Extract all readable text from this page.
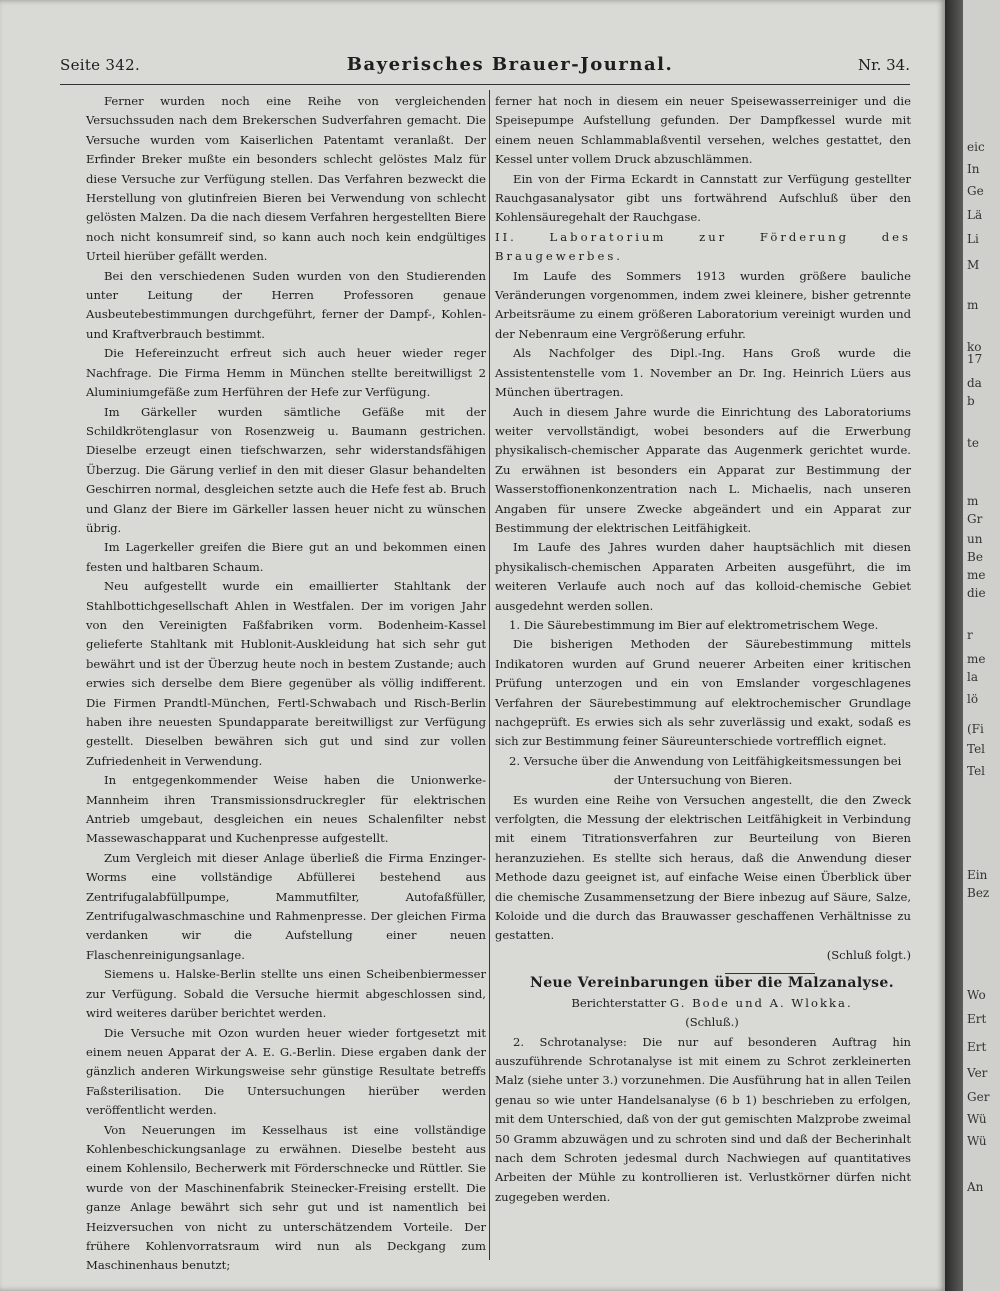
Seite 342.	Bayerisches Brauer-Journal.	Nr. 34.

Ferner wurden noch eine Reihe von vergleichenden Versuchssuden nach dem Brekerschen Sudverfahren gemacht. Die Versuche wurden vom Kaiserlichen Patentamt veranlaßt. Der Erfinder Breker mußte ein besonders schlecht gelöstes Malz für diese Versuche zur Verfügung stellen. Das Verfahren bezweckt die Herstellung von glutinfreien Bieren bei Verwendung von schlecht gelösten Malzen. Da die nach diesem Verfahren hergestellten Biere noch nicht konsumreif sind, so kann auch noch kein endgültiges Urteil hierüber gefällt werden.

Bei den verschiedenen Suden wurden von den Studierenden unter Leitung der Herren Professoren genaue Ausbeutebestimmungen durchgeführt, ferner der Dampf-, Kohlen- und Kraftverbrauch bestimmt.

Die Hefereinzucht erfreut sich auch heuer wieder reger Nachfrage. Die Firma Hemm in München stellte bereitwilligst 2 Aluminiumgefäße zum Herführen der Hefe zur Verfügung.

Im Gärkeller wurden sämtliche Gefäße mit der Schildkrötenglasur von Rosenzweig u. Baumann gestrichen. Dieselbe erzeugt einen tiefschwarzen, sehr widerstandsfähigen Überzug. Die Gärung verlief in den mit dieser Glasur behandelten Geschirren normal, desgleichen setzte auch die Hefe fest ab. Bruch und Glanz der Biere im Gärkeller lassen heuer nicht zu wünschen übrig.

Im Lagerkeller greifen die Biere gut an und bekommen einen festen und haltbaren Schaum.

Neu aufgestellt wurde ein emaillierter Stahltank der Stahlbottichgesellschaft Ahlen in Westfalen. Der im vorigen Jahr von den Vereinigten Faßfabriken vorm. Bodenheim-Kassel gelieferte Stahltank mit Hublonit-Auskleidung hat sich sehr gut bewährt und ist der Überzug heute noch in bestem Zustande; auch erwies sich derselbe dem Biere gegenüber als völlig indifferent. Die Firmen Prandtl-München, Fertl-Schwabach und Risch-Berlin haben ihre neuesten Spundapparate bereitwilligst zur Verfügung gestellt. Dieselben bewähren sich gut und sind zur vollen Zufriedenheit in Verwendung.

In entgegenkommender Weise haben die Unionwerke-Mannheim ihren Transmissionsdruckregler für elektrischen Antrieb umgebaut, desgleichen ein neues Schalenfilter nebst Massewaschapparat und Kuchenpresse aufgestellt.

Zum Vergleich mit dieser Anlage überließ die Firma Enzinger-Worms eine vollständige Abfüllerei bestehend aus Zentrifugalabfüllpumpe, Mammutfilter, Autofaßfüller, Zentrifugalwaschmaschine und Rahmenpresse. Der gleichen Firma verdanken wir die Aufstellung einer neuen Flaschenreinigungsanlage.

Siemens u. Halske-Berlin stellte uns einen Scheibenbiermesser zur Verfügung. Sobald die Versuche hiermit abgeschlossen sind, wird weiteres darüber berichtet werden.

Die Versuche mit Ozon wurden heuer wieder fortgesetzt mit einem neuen Apparat der A. E. G.-Berlin. Diese ergaben dank der gänzlich anderen Wirkungsweise sehr günstige Resultate betreffs Faßsterilisation. Die Untersuchungen hierüber werden veröffentlicht werden.

Von Neuerungen im Kesselhaus ist eine vollständige Kohlenbeschickungsanlage zu erwähnen. Dieselbe besteht aus einem Kohlensilo, Becherwerk mit Förderschnecke und Rüttler. Sie wurde von der Maschinenfabrik Steinecker-Freising erstellt. Die ganze Anlage bewährt sich sehr gut und ist namentlich bei Heizversuchen von nicht zu unterschätzendem Vorteile. Der frühere Kohlenvorratsraum wird nun als Deckgang zum Maschinenhaus benutzt;

ferner hat noch in diesem ein neuer Speisewasserreiniger und die Speisepumpe Aufstellung gefunden. Der Dampfkessel wurde mit einem neuen Schlammablaßventil versehen, welches gestattet, den Kessel unter vollem Druck abzuschlämmen.

Ein von der Firma Eckardt in Cannstatt zur Verfügung gestellter Rauchgasanalysator gibt uns fortwährend Aufschluß über den Kohlensäuregehalt der Rauchgase.

II. Laboratorium zur Förderung des Braugewerbes.

Im Laufe des Sommers 1913 wurden größere bauliche Veränderungen vorgenommen, indem zwei kleinere, bisher getrennte Arbeitsräume zu einem größeren Laboratorium vereinigt wurden und der Nebenraum eine Vergrößerung erfuhr.

Als Nachfolger des Dipl.-Ing. Hans Groß wurde die Assistentenstelle vom 1. November an Dr. Ing. Heinrich Lüers aus München übertragen.

Auch in diesem Jahre wurde die Einrichtung des Laboratoriums weiter vervollständigt, wobei besonders auf die Erwerbung physikalisch-chemischer Apparate das Augenmerk gerichtet wurde. Zu erwähnen ist besonders ein Apparat zur Bestimmung der Wasserstoffionenkonzentration nach L. Michaelis, nach unseren Angaben für unsere Zwecke abgeändert und ein Apparat zur Bestimmung der elektrischen Leitfähigkeit.

Im Laufe des Jahres wurden daher hauptsächlich mit diesen physikalisch-chemischen Apparaten Arbeiten ausgeführt, die im weiteren Verlaufe auch noch auf das kolloid-chemische Gebiet ausgedehnt werden sollen.

1. Die Säurebestimmung im Bier auf elektrometrischem Wege.

Die bisherigen Methoden der Säurebestimmung mittels Indikatoren wurden auf Grund neuerer Arbeiten einer kritischen Prüfung unterzogen und ein von Emslander vorgeschlagenes Verfahren der Säurebestimmung auf elektrochemischer Grundlage nachgeprüft. Es erwies sich als sehr zuverlässig und exakt, sodaß es sich zur Bestimmung feiner Säureunterschiede vortrefflich eignet.

2. Versuche über die Anwendung von Leitfähigkeitsmessungen bei

der Untersuchung von Bieren.

Es wurden eine Reihe von Versuchen angestellt, die den Zweck verfolgten, die Messung der elektrischen Leitfähigkeit in Verbindung mit einem Titrationsverfahren zur Beurteilung von Bieren heranzuziehen. Es stellte sich heraus, daß die Anwendung dieser Methode dazu geeignet ist, auf einfache Weise einen Überblick über die chemische Zusammensetzung der Biere inbezug auf Säure, Salze, Koloide und die durch das Brauwasser geschaffenen Verhältnisse zu gestatten.

(Schluß folgt.)

Neue Vereinbarungen über die Malzanalyse.

Berichterstatter G. Bode und A. Wlokka.

(Schluß.)

2. Schrotanalyse: Die nur auf besonderen Auftrag hin auszuführende Schrotanalyse ist mit einem zu Schrot zerkleinerten Malz (siehe unter 3.) vorzunehmen. Die Ausführung hat in allen Teilen genau so wie unter Handelsanalyse (6 b 1) beschrieben zu erfolgen, mit dem Unterschied, daß von der gut gemischten Malzprobe zweimal 50 Gramm abzuwägen und zu schroten sind und daß der Becherinhalt nach dem Schroten jedesmal durch Nachwiegen auf quantitatives Arbeiten der Mühle zu kontrollieren ist. Verlustkörner dürfen nicht zugegeben werden.

eic
In
Ge
Lä
Li
M
m
ko
17
da
b
te
m
Gr
un
Be
me
die
r
me
la
lö
(Fi
Tel
Tel
Ein
Bez
Wo
Ert
Ert
Ver
Ger
Wü
Wü
An
